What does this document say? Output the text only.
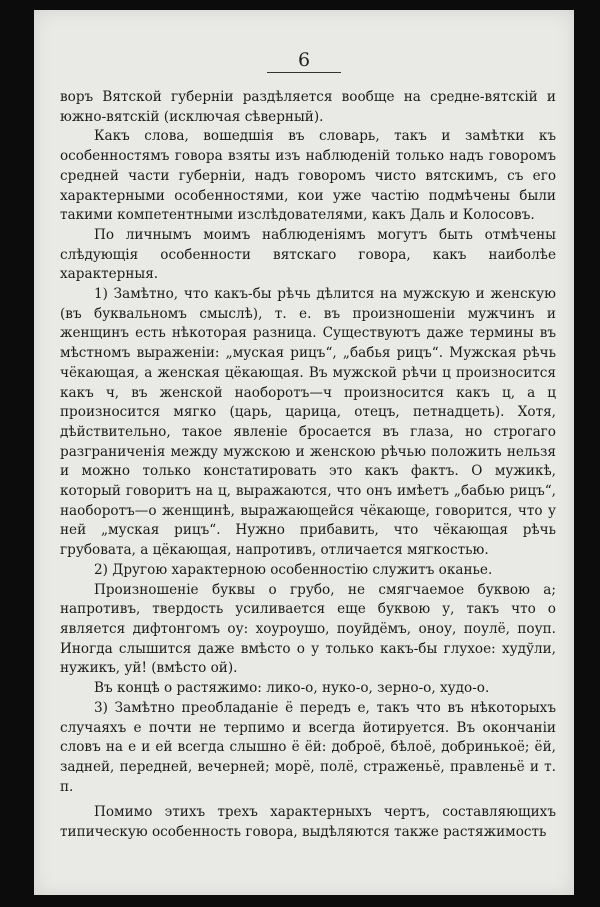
6

воръ Вятской губерніи раздѣляется вообще на средне-вятскій и южно-вятскій (исключая сѣверный).

Какъ слова, вошедшія въ словарь, такъ и замѣтки къ особенностямъ говора взяты изъ наблюденій только надъ говоромъ средней части губерніи, надъ говоромъ чисто вятскимъ, съ его характерными особенностями, кои уже частію подмѣчены были такими компетентными изслѣдователями, какъ Даль и Колосовъ.

По личнымъ моимъ наблюденіямъ могутъ быть отмѣчены слѣдующія особенности вятскаго говора, какъ наиболѣе характерныя.

1) Замѣтно, что какъ-бы рѣчь дѣлится на мужскую и женскую (въ буквальномъ смыслѣ), т. е. въ произношеніи мужчинъ и женщинъ есть нѣкоторая разница. Существуютъ даже термины въ мѣстномъ выраженіи: „муская рицъ“, „бабья рицъ“. Мужская рѣчь чёкающая, а женская цёкающая. Въ мужской рѣчи ц произносится какъ ч, въ женской наоборотъ—ч произносится какъ ц, а ц произносится мягко (царь, царица, отецъ, петнадцеть). Хотя, дѣйствительно, такое явленіе бросается въ глаза, но строгаго разграниченія между мужскою и женскою рѣчью положить нельзя и можно только констатировать это какъ фактъ. О мужикѣ, который говоритъ на ц, выражаются, что онъ имѣетъ „бабью рицъ“, наоборотъ—о женщинѣ, выражающейся чёкающе, говорится, что у ней „муская рицъ“. Нужно прибавить, что чёкающая рѣчь грубовата, а цёкающая, напротивъ, отличается мягкостью.

2) Другою характерною особенностію служитъ оканье.

Произношеніе буквы о грубо, не смягчаемое буквою а; напротивъ, твердость усиливается еще буквою у, такъ что о является дифтонгомъ оу: хоуроушо, поуйдёмъ, оноу, поулё, поуп. Иногда слышится даже вмѣсто о у только какъ-бы глухое: худўли, нужикъ, уй! (вмѣсто ой).

Въ концѣ о растяжимо: лико-о, нуко-о, зерно-о, худо-о.

3) Замѣтно преобладаніе ё передъ е, такъ что въ нѣкоторыхъ случаяхъ е почти не терпимо и всегда йотируется. Въ окончаніи словъ на е и ей всегда слышно ё ёй: доброё, бѣлоё, добринькоё; ёй, задней, передней, вечерней; морё, полё, страженьё, правленьё и т. п.

Помимо этихъ трехъ характерныхъ чертъ, составляющихъ типическую особенность говора, выдѣляются также растяжимость
